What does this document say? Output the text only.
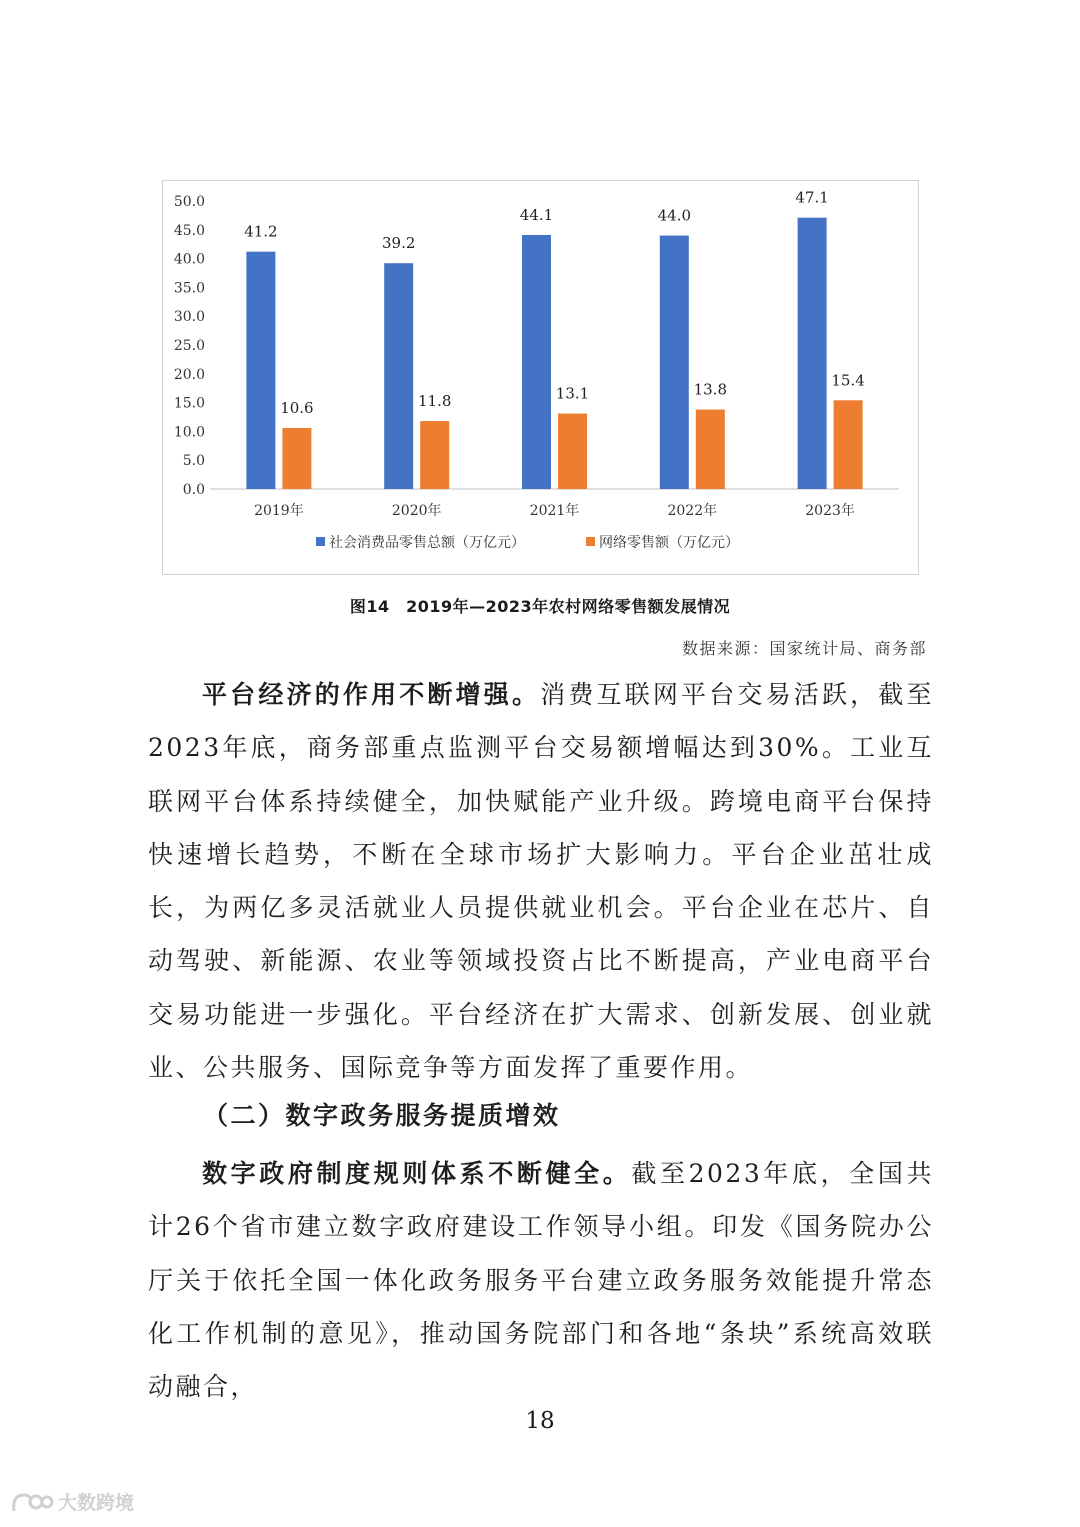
0.0
5.0
10.0
15.0
20.0
25.0
30.0
35.0
40.0
45.0
50.0
2019年
41.2
10.6
2020年
39.2
11.8
2021年
44.1
13.1
2022年
44.0
13.8
2023年
47.1
15.4
社会消费品零售总额（万亿元）	网络零售额（万亿元）
图14　2019年—2023年农村网络零售额发展情况
数据来源：国家统计局、商务部

平台经济的作用不断增强。消费互联网平台交易活跃，截至2023年底，商务部重点监测平台交易额增幅达到30%。工业互联网平台体系持续健全，加快赋能产业升级。跨境电商平台保持快速增长趋势，不断在全球市场扩大影响力。平台企业茁壮成长，为两亿多灵活就业人员提供就业机会。平台企业在芯片、自动驾驶、新能源、农业等领域投资占比不断提高，产业电商平台交易功能进一步强化。平台经济在扩大需求、创新发展、创业就业、公共服务、国际竞争等方面发挥了重要作用。

（二）数字政务服务提质增效

数字政府制度规则体系不断健全。截至2023年底，全国共计26个省市建立数字政府建设工作领导小组。印发《国务院办公厅关于依托全国一体化政务服务平台建立政务服务效能提升常态化工作机制的意见》，推动国务院部门和各地“条块”系统高效联动融合，

18
大数跨境
